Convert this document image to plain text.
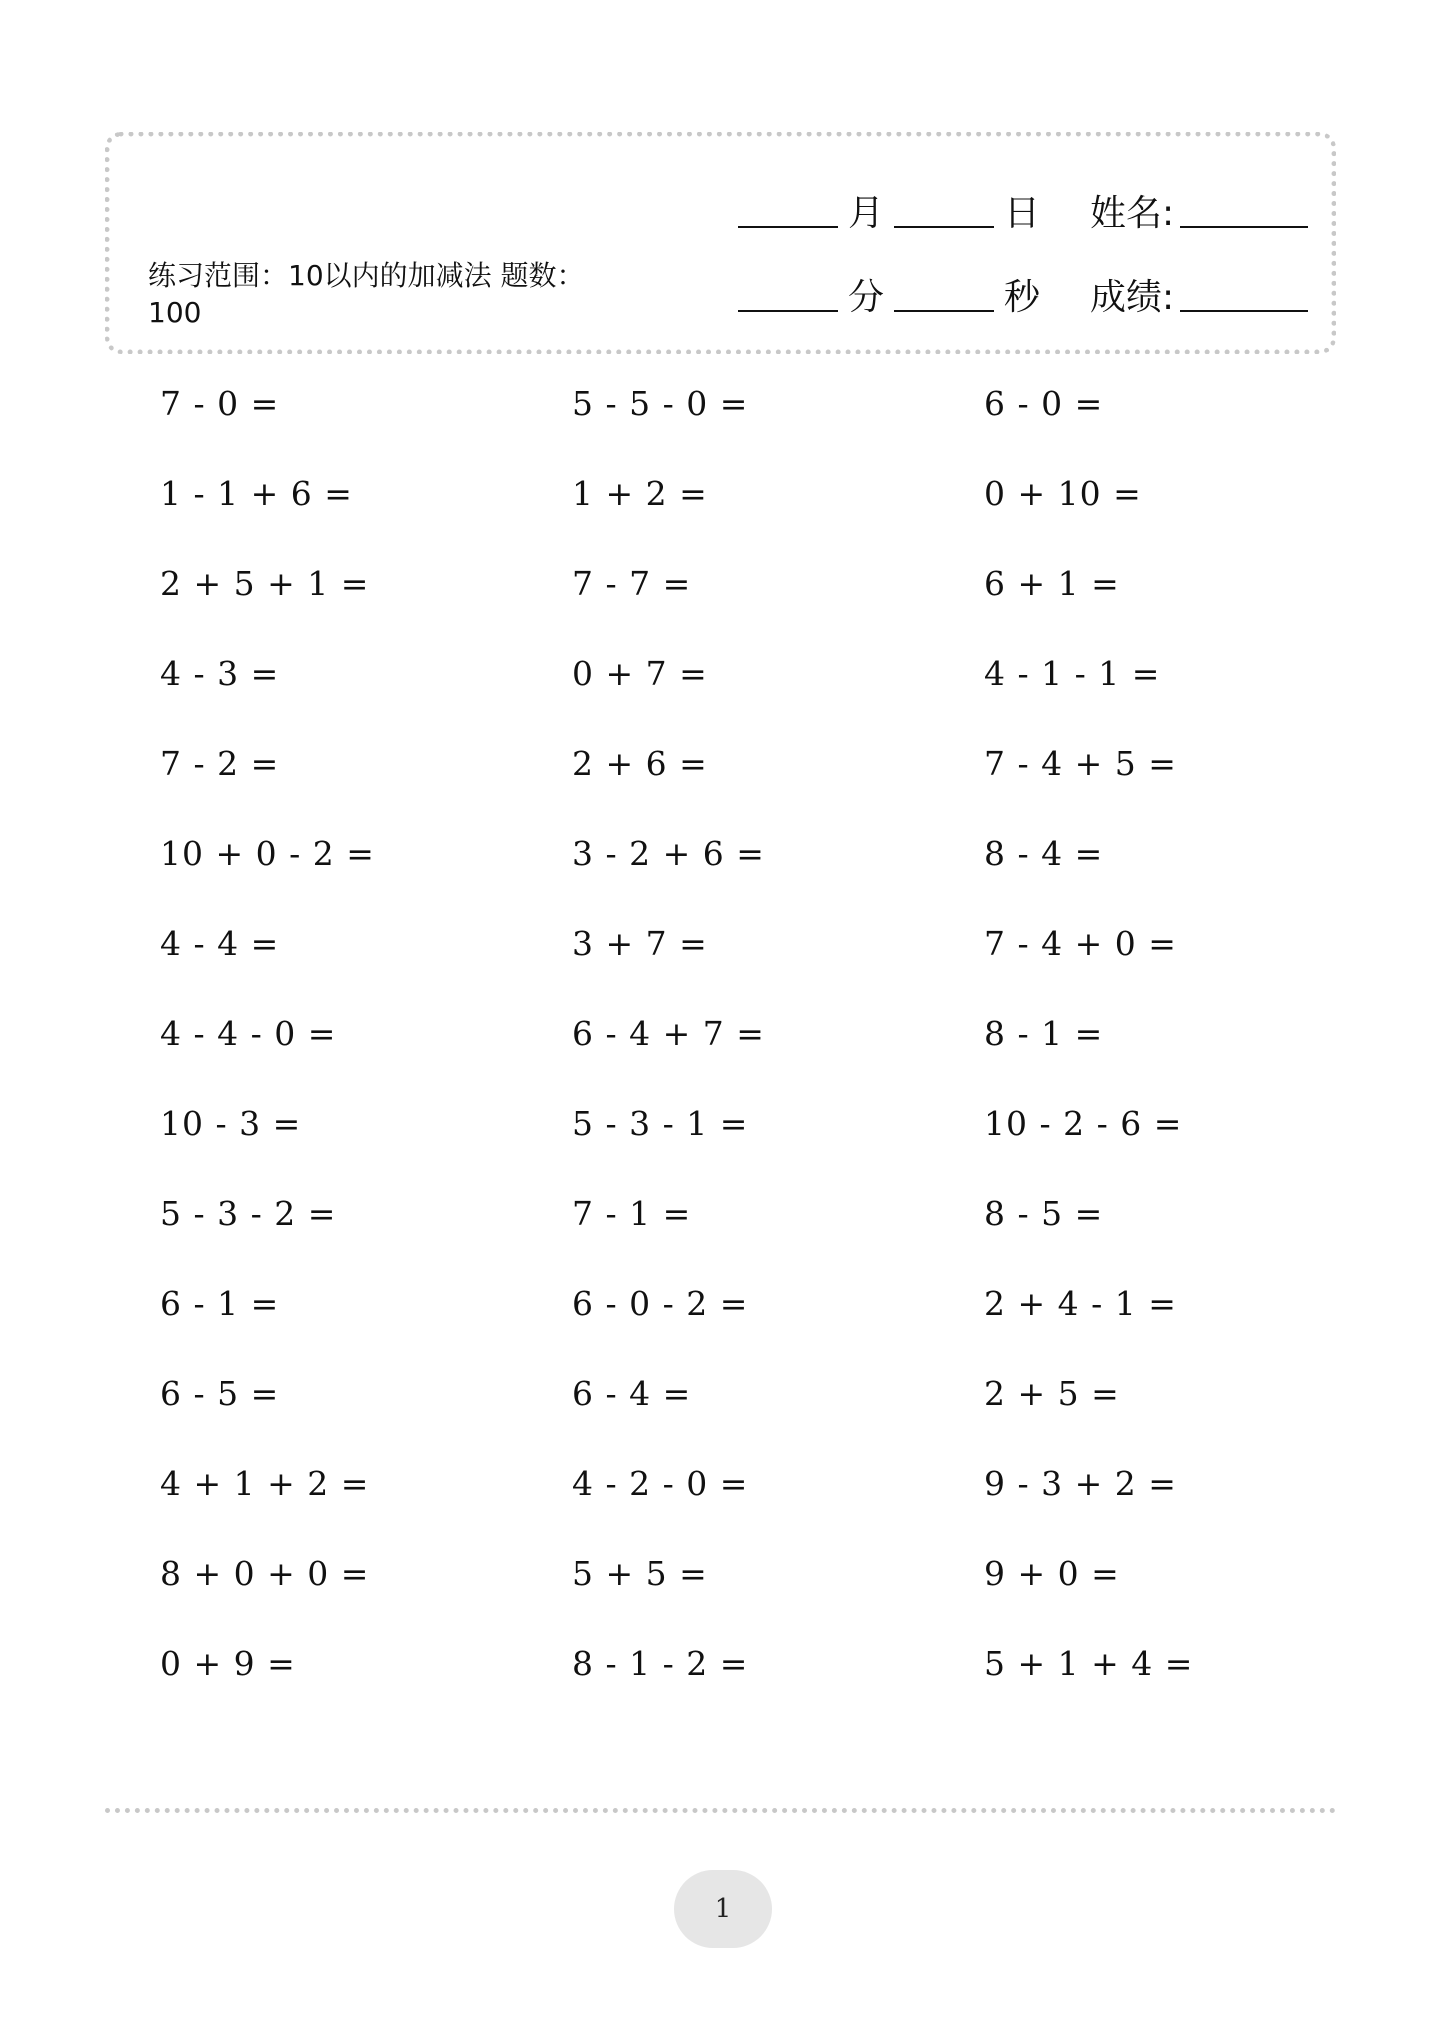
练习范围：10以内的加减法 题数：100
月	日 姓名:
分	秒 成绩:
7 - 0 =	5 - 5 - 0 =	6 - 0 =
1 - 1 + 6 =	1 + 2 =	0 + 10 =
2 + 5 + 1 =	7 - 7 =	6 + 1 =
4 - 3 =	0 + 7 =	4 - 1 - 1 =
7 - 2 =	2 + 6 =	7 - 4 + 5 =
10 + 0 - 2 =	3 - 2 + 6 =	8 - 4 =
4 - 4 =	3 + 7 =	7 - 4 + 0 =
4 - 4 - 0 =	6 - 4 + 7 =	8 - 1 =
10 - 3 =	5 - 3 - 1 =	10 - 2 - 6 =
5 - 3 - 2 =	7 - 1 =	8 - 5 =
6 - 1 =	6 - 0 - 2 =	2 + 4 - 1 =
6 - 5 =	6 - 4 =	2 + 5 =
4 + 1 + 2 =	4 - 2 - 0 =	9 - 3 + 2 =
8 + 0 + 0 =	5 + 5 =	9 + 0 =
0 + 9 =	8 - 1 - 2 =	5 + 1 + 4 =
1
